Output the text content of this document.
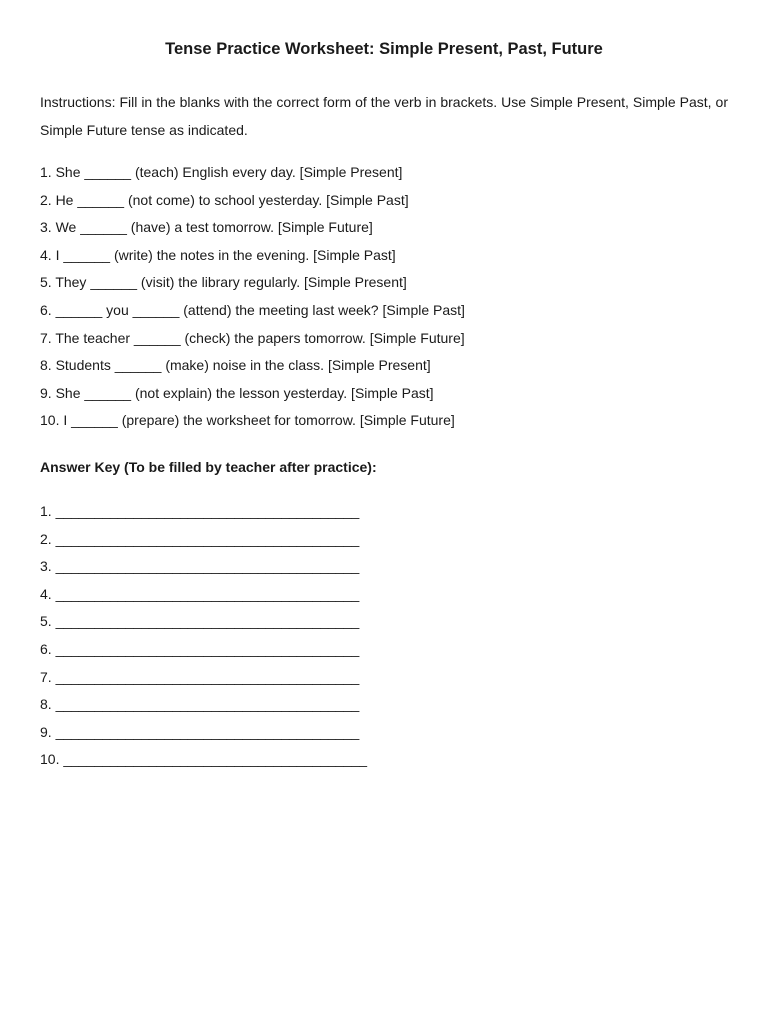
Tense Practice Worksheet: Simple Present, Past, Future
Instructions: Fill in the blanks with the correct form of the verb in brackets. Use Simple Present, Simple Past, or Simple Future tense as indicated.
1. She ______ (teach) English every day. [Simple Present]
2. He ______ (not come) to school yesterday. [Simple Past]
3. We ______ (have) a test tomorrow. [Simple Future]
4. I ______ (write) the notes in the evening. [Simple Past]
5. They ______ (visit) the library regularly. [Simple Present]
6. ______ you ______ (attend) the meeting last week? [Simple Past]
7. The teacher ______ (check) the papers tomorrow. [Simple Future]
8. Students ______ (make) noise in the class. [Simple Present]
9. She ______ (not explain) the lesson yesterday. [Simple Past]
10. I ______ (prepare) the worksheet for tomorrow. [Simple Future]
Answer Key (To be filled by teacher after practice):
1. _______________________________________
2. _______________________________________
3. _______________________________________
4. _______________________________________
5. _______________________________________
6. _______________________________________
7. _______________________________________
8. _______________________________________
9. _______________________________________
10. _______________________________________
